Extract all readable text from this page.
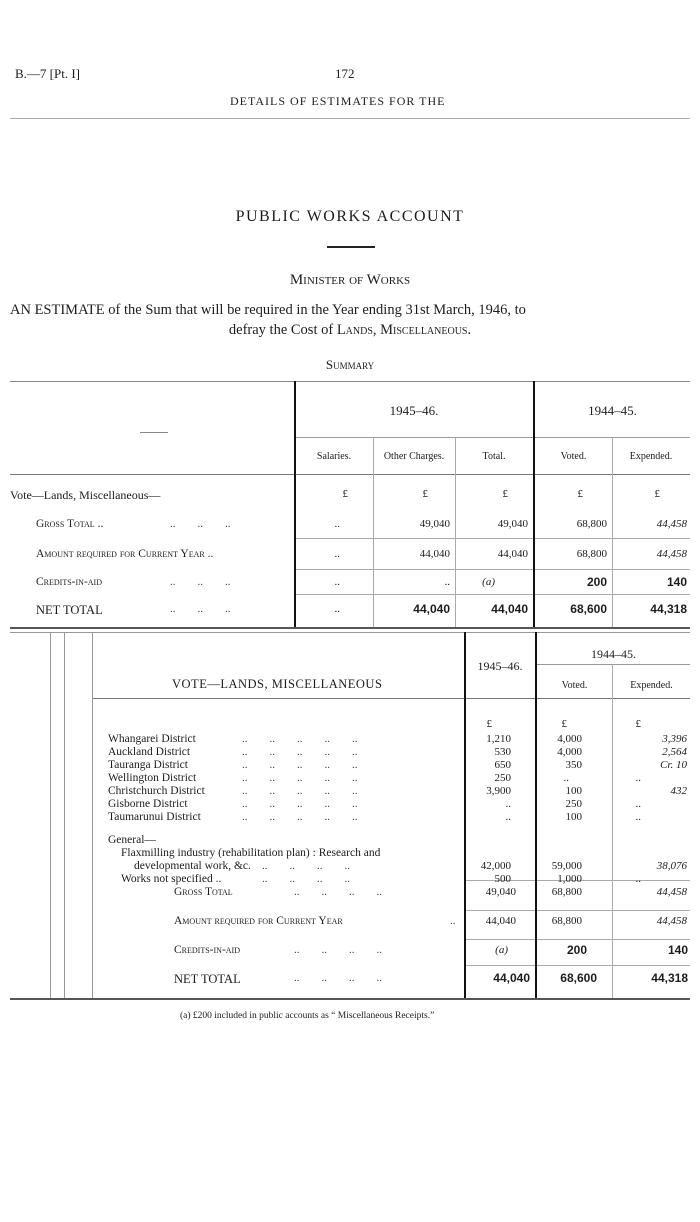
B.—7 [Pt. I]	172
DETAILS OF ESTIMATES FOR THE
PUBLIC WORKS ACCOUNT
Minister of Works
AN ESTIMATE of the Sum that will be required in the Year ending 31st March, 1946, to
defray the Cost of Lands, Miscellaneous.
Summary
1945–46.	1944–45.
Salaries.	Other Charges.	Total.	Voted.	Expended.
Vote—Lands, Miscellaneous—	£	£	£	£	£
Gross Total ..	..        ..        ..	..	49,040	49,040	68,800	44,458
Amount required for Current Year ..	..	44,040	44,040	68,800	44,458
Credits-in-aid	..        ..        ..	..	..	(a)	200	140
NET TOTAL	..        ..        ..	..	44,040	44,040	68,600	44,318
VOTE—LANDS, MISCELLANEOUS
1945–46.
1944–45.
Voted.	Expended.
£	£	£
Whangarei District	..        ..        ..        ..        ..	1,210	4,000	3,396
Auckland District	..        ..        ..        ..        ..	530	4,000	2,564
Tauranga District	..        ..        ..        ..        ..	650	350	Cr. 10
Wellington District	..        ..        ..        ..        ..	250	..	..
Christchurch District	..        ..        ..        ..        ..	3,900	100	432
Gisborne District	..        ..        ..        ..        ..	..	250	..
Taumarunui District	..        ..        ..        ..        ..	..	100	..
General—
Flaxmilling industry (rehabilitation plan) : Research and
developmental work, &c. ..        ..        ..        ..	42,000	59,000	38,076
Works not specified ..	..        ..        ..        ..	500	1,000	..
Gross Total	..        ..        ..        ..	49,040	68,800	44,458
Amount required for Current Year	..	44,040	68,800	44,458
Credits-in-aid	..        ..        ..        ..	(a)	200	140
NET TOTAL	..        ..        ..        ..	44,040	68,600	44,318
(a) £200 included in public accounts as “ Miscellaneous Receipts.”
